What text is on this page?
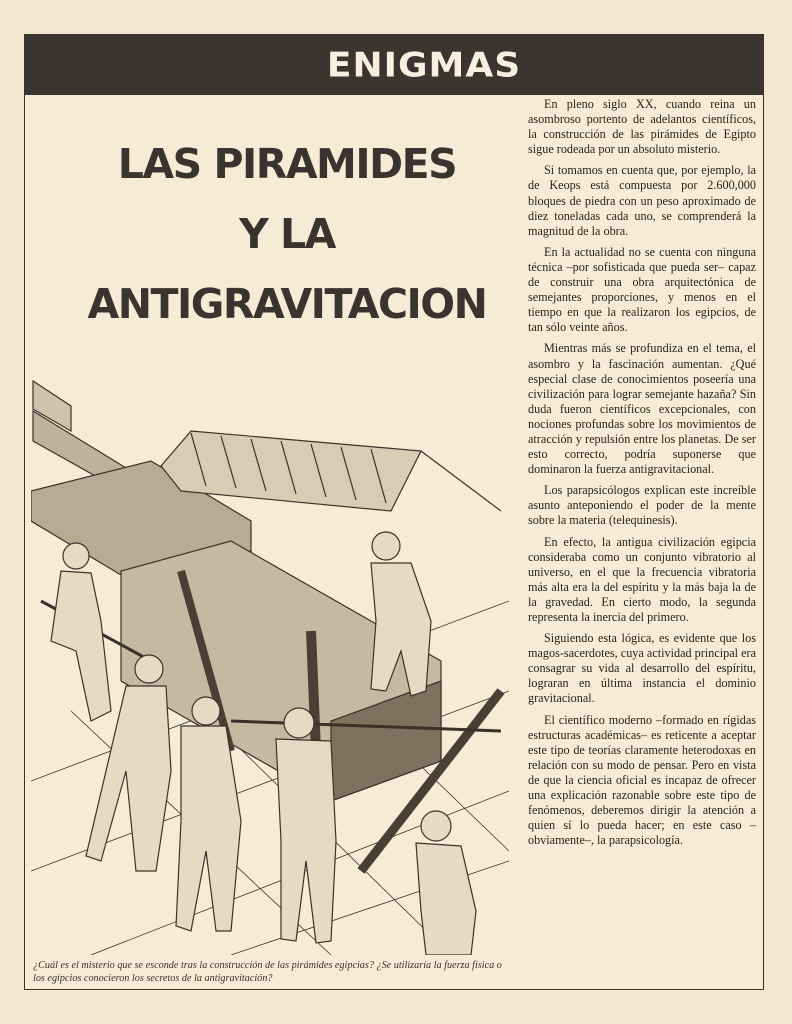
ENIGMAS
LAS PIRAMIDES
Y LA
ANTIGRAVITACION
¿Cuál es el misterio que se esconde tras la construcción de las pirámides egipcias? ¿Se utilizaría la fuerza física o los egipcios conocieron los secretos de la antigravitación?

En pleno siglo XX, cuando reina un asombroso portento de adelantos científicos, la construcción de las pirámides de Egipto sigue rodeada por un absoluto misterio.

Si tomamos en cuenta que, por ejemplo, la de Keops está compuesta por 2.600,000 bloques de piedra con un peso aproximado de diez toneladas cada uno, se comprenderá la magnitud de la obra.

En la actualidad no se cuenta con ninguna técnica –por sofisticada que pueda ser– capaz de construir una obra arquitectónica de semejantes proporciones, y menos en el tiempo en que la realizaron los egipcios, de tan sólo veinte años.

Mientras más se profundiza en el tema, el asombro y la fascinación aumentan. ¿Qué especial clase de conocimientos poseería una civilización para lograr semejante hazaña? Sin duda fueron científicos excepcionales, con nociones profundas sobre los movimientos de atracción y repulsión entre los planetas. De ser esto correcto, podría suponerse que dominaron la fuerza antigravitacional.

Los parapsicólogos explican este increíble asunto anteponiendo el poder de la mente sobre la materia (telequinesis).

En efecto, la antigua civilización egipcia consideraba como un conjunto vibratorio al universo, en el que la frecuencia vibratoria más alta era la del espíritu y la más baja la de la gravedad. En cierto modo, la segunda representa la inercia del primero.

Siguiendo esta lógica, es evidente que los magos-sacerdotes, cuya actividad principal era consagrar su vida al desarrollo del espíritu, lograran en última instancia el dominio gravitacional.

El científico moderno –formado en rígidas estructuras académicas– es reticente a aceptar este tipo de teorías claramente heterodoxas en relación con su modo de pensar. Pero en vista de que la ciencia oficial es incapaz de ofrecer una explicación razonable sobre este tipo de fenómenos, deberemos dirigir la atención a quien sí lo pueda hacer; en este caso –obviamente–, la parapsicología.
